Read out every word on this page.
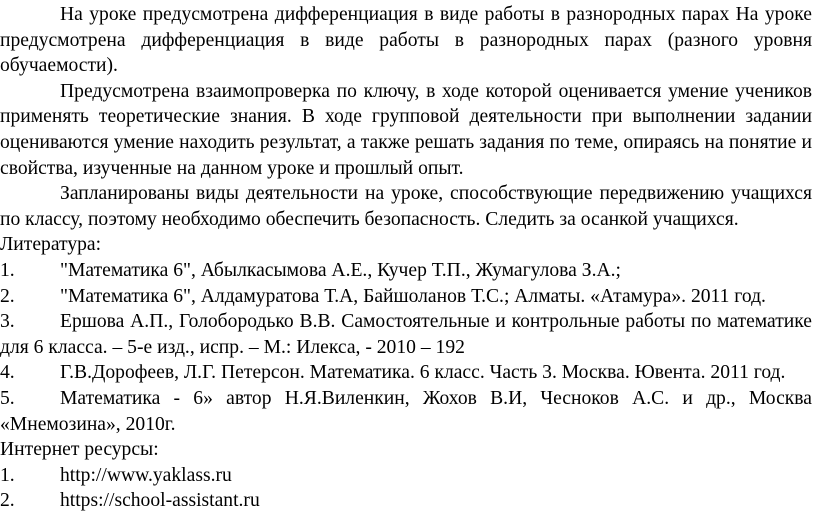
На уроке предусмотрена дифференциация в виде работы в разнородных парах На уроке предусмотрена дифференциация в виде работы в разнородных парах (разного уровня обучаемости).

Предусмотрена взаимопроверка по ключу, в ходе которой оценивается умение учеников применять теоретические знания. В ходе групповой деятельности при выполнении задании оцениваются умение находить результат, а также решать задания по теме, опираясь на понятие и свойства, изученные на данном уроке и прошлый опыт.

Запланированы виды деятельности на уроке, способствующие передвижению учащихся по классу, поэтому необходимо обеспечить безопасность. Следить за осанкой учащихся.

Литература:

1. "Математика 6", Абылкасымова А.Е., Кучер Т.П., Жумагулова З.А.;
2. "Математика 6", Алдамуратова Т.А, Байшоланов Т.С.; Алматы. «Атамура». 2011 год.
3. Ершова А.П., Голобородько В.В. Самостоятельные и контрольные работы по математике для 6 класса. – 5-е изд., испр. – М.: Илекса, - 2010 – 192
4. Г.В.Дорофеев, Л.Г. Петерсон. Математика. 6 класс. Часть 3. Москва. Ювента. 2011 год.
5. Математика - 6» автор Н.Я.Виленкин, Жохов В.И, Чесноков А.С. и др., Москва «Мнемозина», 2010г.

Интернет ресурсы:

1. http://www.yaklass.ru
2. https://school-assistant.ru
